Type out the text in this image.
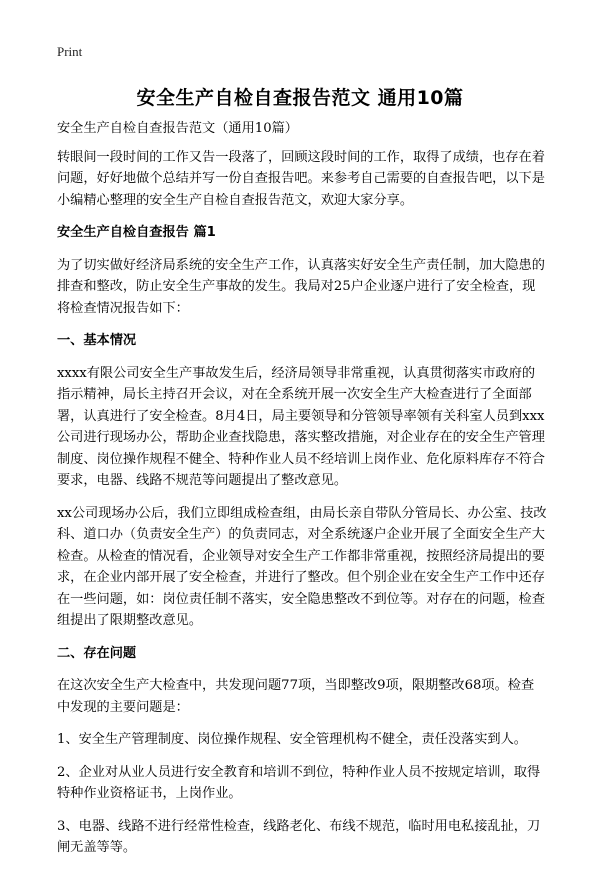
Print
安全生产自检自查报告范文 通用10篇

安全生产自检自查报告范文（通用10篇）

转眼间一段时间的工作又告一段落了，回顾这段时间的工作，取得了成绩，也存在着问题，好好地做个总结并写一份自查报告吧。来参考自己需要的自查报告吧，以下是小编精心整理的安全生产自检自查报告范文，欢迎大家分享。

安全生产自检自查报告 篇1

为了切实做好经济局系统的安全生产工作，认真落实好安全生产责任制，加大隐患的排查和整改，防止安全生产事故的发生。我局对25户企业逐户进行了安全检查，现将检查情况报告如下：

一、基本情况

xxxx有限公司安全生产事故发生后，经济局领导非常重视，认真贯彻落实市政府的指示精神，局长主持召开会议，对在全系统开展一次安全生产大检查进行了全面部署，认真进行了安全检查。8月4日，局主要领导和分管领导率领有关科室人员到xxx公司进行现场办公，帮助企业查找隐患，落实整改措施，对企业存在的安全生产管理制度、岗位操作规程不健全、特种作业人员不经培训上岗作业、危化原料库存不符合要求，电器、线路不规范等问题提出了整改意见。

xx公司现场办公后，我们立即组成检查组，由局长亲自带队分管局长、办公室、技改科、道口办（负责安全生产）的负责同志，对全系统逐户企业开展了全面安全生产大检查。从检查的情况看，企业领导对安全生产工作都非常重视，按照经济局提出的要求，在企业内部开展了安全检查，并进行了整改。但个别企业在安全生产工作中还存在一些问题，如：岗位责任制不落实，安全隐患整改不到位等。对存在的问题，检查组提出了限期整改意见。

二、存在问题

在这次安全生产大检查中，共发现问题77项，当即整改9项，限期整改68项。检查中发现的主要问题是：

1、安全生产管理制度、岗位操作规程、安全管理机构不健全，责任没落实到人。

2、企业对从业人员进行安全教育和培训不到位，特种作业人员不按规定培训，取得特种作业资格证书，上岗作业。

3、电器、线路不进行经常性检查，线路老化、布线不规范，临时用电私接乱扯，刀闸无盖等等。
